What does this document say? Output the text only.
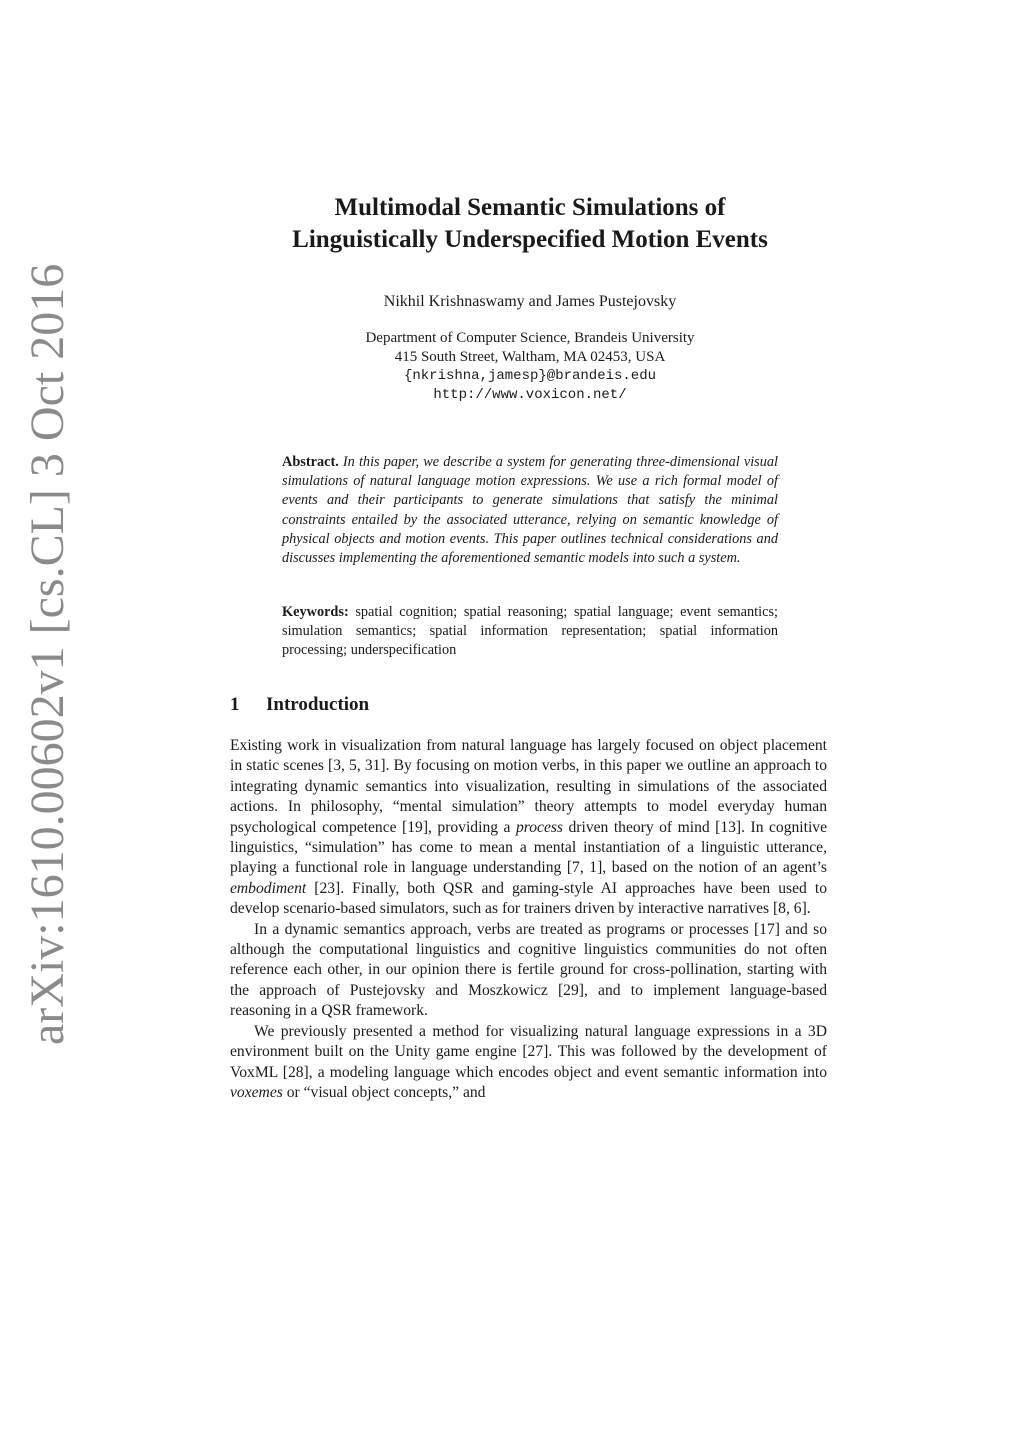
arXiv:1610.00602v1 [cs.CL] 3 Oct 2016
Multimodal Semantic Simulations of
Linguistically Underspecified Motion Events
Nikhil Krishnaswamy and James Pustejovsky
Department of Computer Science, Brandeis University
415 South Street, Waltham, MA 02453, USA
{nkrishna,jamesp}@brandeis.edu
http://www.voxicon.net/
Abstract. In this paper, we describe a system for generating three-dimensional visual simulations of natural language motion expressions. We use a rich formal model of events and their participants to generate simulations that satisfy the minimal constraints entailed by the associated utterance, relying on semantic knowledge of physical objects and motion events. This paper outlines technical considerations and discusses implementing the aforementioned semantic models into such a system.
Keywords: spatial cognition; spatial reasoning; spatial language; event semantics; simulation semantics; spatial information representation; spatial information processing; underspecification
1 Introduction

Existing work in visualization from natural language has largely focused on object placement in static scenes [3, 5, 31]. By focusing on motion verbs, in this paper we outline an approach to integrating dynamic semantics into visualization, resulting in simulations of the associated actions. In philosophy, “mental simulation” theory attempts to model everyday human psychological competence [19], providing a process driven theory of mind [13]. In cognitive linguistics, “simulation” has come to mean a mental instantiation of a linguistic utterance, playing a functional role in language understanding [7, 1], based on the notion of an agent’s embodiment [23]. Finally, both QSR and gaming-style AI approaches have been used to develop scenario-based simulators, such as for trainers driven by interactive narratives [8, 6].

In a dynamic semantics approach, verbs are treated as programs or processes [17] and so although the computational linguistics and cognitive linguistics communities do not often reference each other, in our opinion there is fertile ground for cross-pollination, starting with the approach of Pustejovsky and Moszkowicz [29], and to implement language-based reasoning in a QSR framework.

We previously presented a method for visualizing natural language expressions in a 3D environment built on the Unity game engine [27]. This was followed by the development of VoxML [28], a modeling language which encodes object and event semantic information into voxemes or “visual object concepts,” and
